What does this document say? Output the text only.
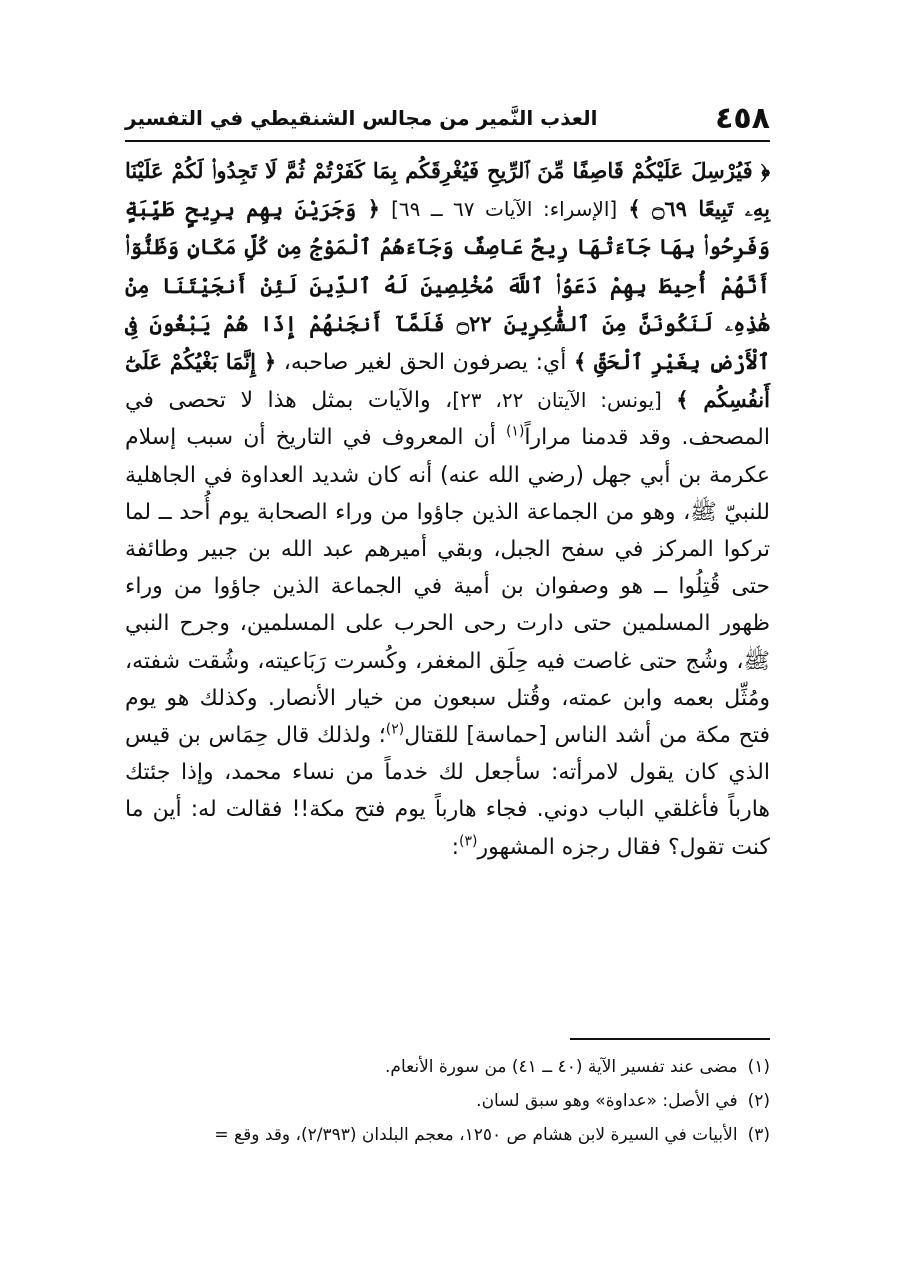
٤٥٨
العذب النَّمير من مجالس الشنقيطي في التفسير

﴿ فَيُرْسِلَ عَلَيْكُمْ قَاصِفًا مِّنَ ٱلرِّيحِ فَيُغْرِقَكُم بِمَا كَفَرْتُمْ ثُمَّ لَا تَجِدُوا۟ لَكُمْ عَلَيْنَا بِهِۦ تَبِيعًا ۝٦٩ ﴾ [الإسراء: الآيات ٦٧ ــ ٦٩] ﴿ وَجَرَيْنَ بِهِم بِرِيحٍ طَيِّبَةٍ وَفَرِحُوا۟ بِهَا جَآءَتْهَا رِيحٌ عَاصِفٌ وَجَآءَهُمُ ٱلْمَوْجُ مِن كُلِّ مَكَانٍ وَظَنُّوٓا۟ أَنَّهُمْ أُحِيطَ بِهِمْ دَعَوُا۟ ٱللَّهَ مُخْلِصِينَ لَهُ ٱلدِّينَ لَئِنْ أَنجَيْتَنَا مِنْ هَٰذِهِۦ لَنَكُونَنَّ مِنَ ٱلشَّٰكِرِينَ ۝٢٢ فَلَمَّآ أَنجَىٰهُمْ إِذَا هُمْ يَبْغُونَ فِى ٱلْأَرْضِ بِغَيْرِ ٱلْحَقِّ ﴾ أي: يصرفون الحق لغير صاحبه، ﴿ إِنَّمَا بَغْيُكُمْ عَلَىٰٓ أَنفُسِكُم ﴾ [يونس: الآيتان ٢٢، ٢٣]، والآيات بمثل هذا لا تحصى في المصحف. وقد قدمنا مراراً$^{(١)}$ أن المعروف في التاريخ أن سبب إسلام عكرمة بن أبي جهل (رضي الله عنه) أنه كان شديد العداوة في الجاهلية للنبيّ ﷺ، وهو من الجماعة الذين جاؤوا من وراء الصحابة يوم أُحد ــ لما تركوا المركز في سفح الجبل، وبقي أميرهم عبد الله بن جبير وطائفة حتى قُتِلُوا ــ هو وصفوان بن أمية في الجماعة الذين جاؤوا من وراء ظهور المسلمين حتى دارت رحى الحرب على المسلمين، وجرح النبي ﷺ، وشُج حتى غاصت فيه حِلَق المغفر، وكُسرت رَبَاعيته، وشُقت شفته، ومُثِّل بعمه وابن عمته، وقُتل سبعون من خيار الأنصار. وكذلك هو يوم فتح مكة من أشد الناس [حماسة] للقتال$^{(٢)}$؛ ولذلك قال حِمَاس بن قيس الذي كان يقول لامرأته: سأجعل لك خدماً من نساء محمد، وإذا جئتك هارباً فأغلقي الباب دوني. فجاء هارباً يوم فتح مكة!! فقالت له: أين ما كنت تقول؟ فقال رجزه المشهور$^{(٣)}$:

(١)
مضى عند تفسير الآية (٤٠ ــ ٤١) من سورة الأنعام.
(٢)
في الأصل: «عداوة» وهو سبق لسان.
(٣)
الأبيات في السيرة لابن هشام ص ١٢٥٠، معجم البلدان (٢/٣٩٣)، وقد وقع =
